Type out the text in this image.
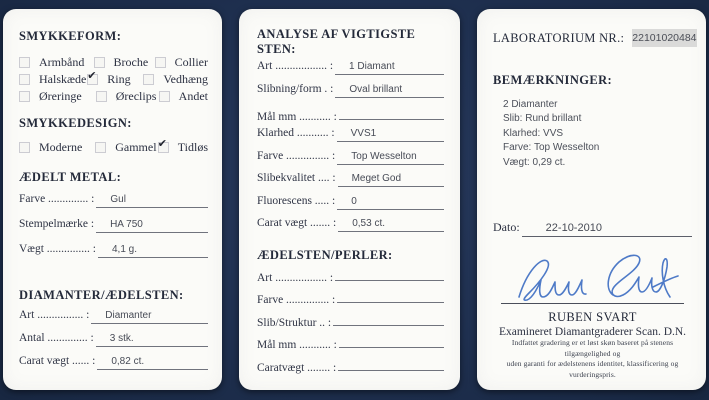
SMYKKEFORM:
Armbånd Broche Collier
Halskæde ✔ Ring	Vedhæng
Øreringe	Øreclips Andet
SMYKKEDESIGN:
Moderne	Gammel ✔ Tidløs
ÆDELT METAL:
Farve .............. :	Gul
Stempelmærke :	HA 750
Vægt ............... :	4,1 g.
DIAMANTER/ÆDELSTEN:
Art ................ :	Diamanter
Antal .............. :	3 stk.
Carat vægt ...... :	0,82 ct.
ANALYSE AF VIGTIGSTE STEN:
Art .................. :	1 Diamant
Slibning/form . :	Oval brillant
Mål mm ........... :
Klarhed ........... :	VVS1
Farve ............... :	Top Wesselton
Slibekvalitet .... :	Meget God
Fluorescens ..... :	0
Carat vægt ....... :	0,53 ct.
ÆDELSTEN/PERLER:
Art .................. :
Farve ............... :
Slib/Struktur .. :
Mål mm ........... :
Caratvægt ........ :
LABORATORIUM NR.: 22101020484
BEMÆRKNINGER:
2 Diamanter
Slib: Rund brillant
Klarhed: VVS
Farve: Top Wesselton
Vægt: 0,29 ct.
Dato:	22-10-2010
RUBEN SVART
Examineret Diamantgraderer Scan. D.N.
Indfattet gradering er et løst skøn baseret på stenens tilgængelighed og
uden garanti for ædelstenens identitet, klassificering og vurderingspris.
